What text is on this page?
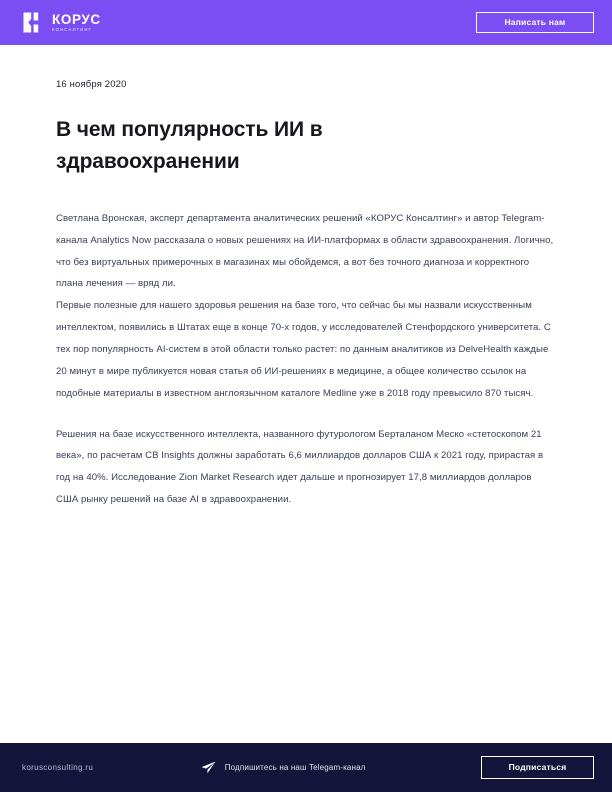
КОРУС
КОНСАЛТИНГ
Написать нам
16 ноября 2020
В чем популярность ИИ в здравоохранении

Светлана Вронская, эксперт департамента аналитических решений «КОРУС Консалтинг» и автор Telegram-канала Analytics Now рассказала о новых решениях на ИИ-платформах в области здравоохранения. Логично, что без виртуальных примерочных в магазинах мы обойдемся, а вот без точного диагноза и корректного плана лечения — вряд ли.

Первые полезные для нашего здоровья решения на базе того, что сейчас бы мы назвали искусственным интеллектом, появились в Штатах еще в конце 70-х годов, у исследователей Стенфордского университета. С тех пор популярность AI-систем в этой области только растет: по данным аналитиков из DelveHealth каждые 20 минут в мире публикуется новая статья об ИИ-решениях в медицине, а общее количество ссылок на подобные материалы в известном англоязычном каталоге Medline уже в 2018 году превысило 870 тысяч.

Решения на базе искусственного интеллекта, названного футурологом Берталаном Меско «стетоскопом 21 века», по расчетам CB Insights должны заработать 6,6 миллиардов долларов США к 2021 году, прирастая в год на 40%. Исследование Zion Market Research идет дальше и прогнозирует 17,8 миллиардов долларов США рынку решений на базе AI в здравоохранении.

korusconsulting.ru	Подпишитесь на наш Telegam-канал	Подписаться
